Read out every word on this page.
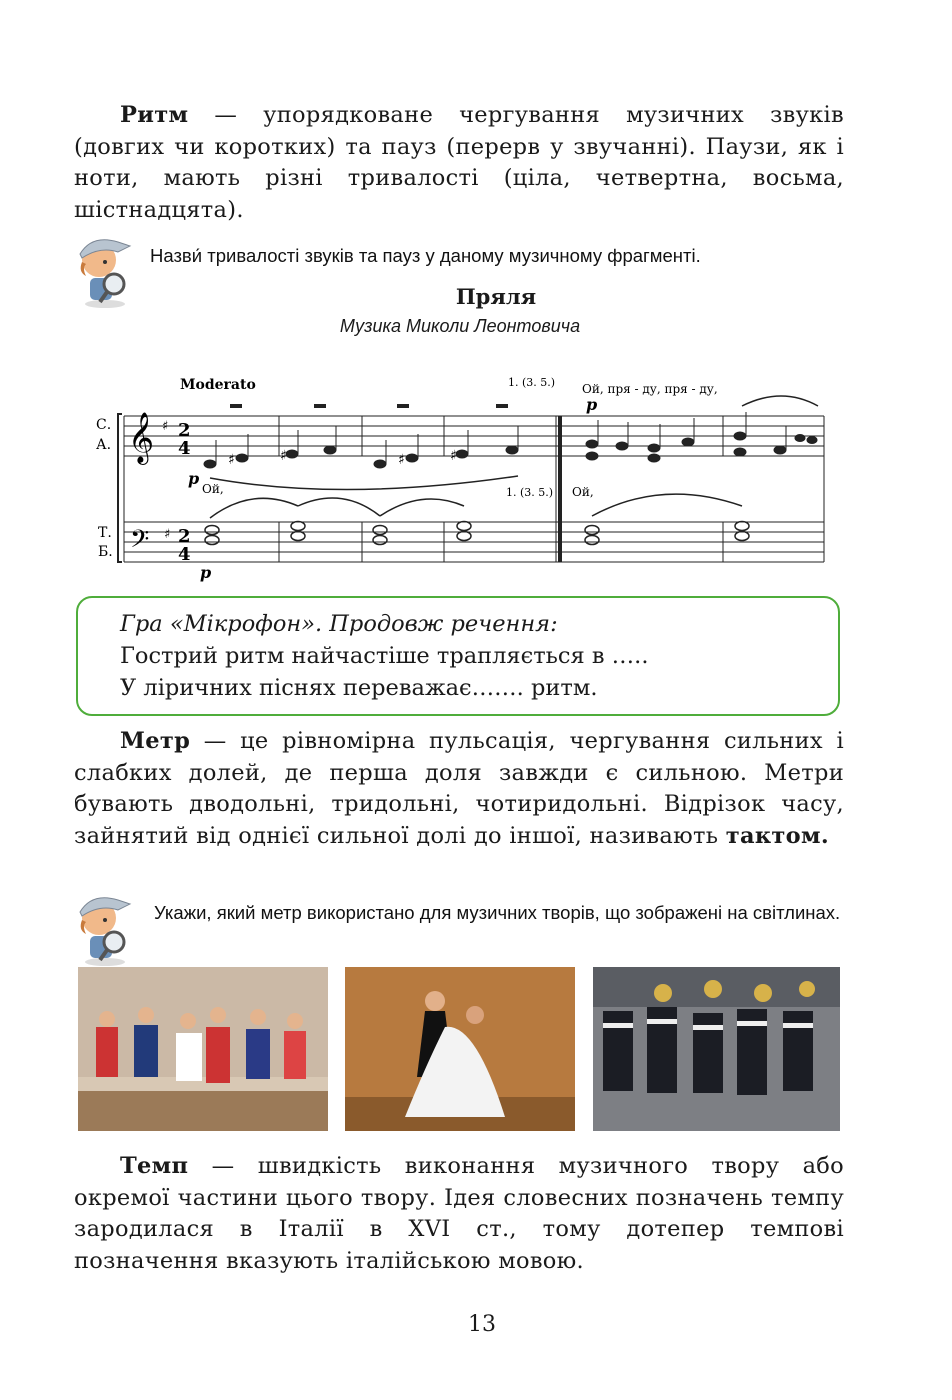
Ритм — упорядковане чергування музичних звуків (довгих чи коротких) та пауз (перерв у звучанні). Паузи, як і ноти, мають різні тривалості (ціла, четвертна, восьма, шістнадцята).
Назви́ тривалості звуків та пауз у даному музичному фрагменті.
Пряля
Музика Миколи Леонтовича
Moderato
С.
А.
Т.
Б.
𝄞
𝄢
♯
♯
2
4
2
4
♯	♯	♯	♯
p
Ой,
1. (3. 5.)
1. (3. 5.) Ой,
Ой, пря - ду, пря - ду,
p
p
Гра «Мікрофон». Продовж речення:
Гострий ритм найчастіше трапляється в …..
У ліричних піснях переважає……. ритм.
Метр — це рівномірна пульсація, чергування сильних і слабких долей, де перша доля завжди є сильною. Метри бувають дводольні, тридольні, чотиридольні. Відрізок часу, зайнятий від однієї сильної долі до іншої, називають тактом.
Укажи, який метр використано для музичних творів, що зображені на світлинах.
Темп — швидкість виконання музичного твору або окремої частини цього твору. Ідея словесних позначень темпу зародилася в Італії в XVI ст., тому дотепер темпові позначення вказують італійською мовою.
13
